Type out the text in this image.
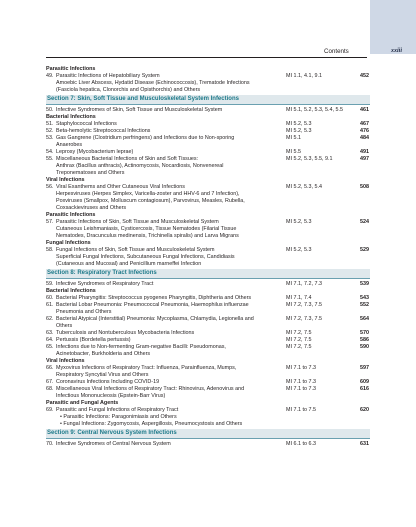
xxiii
Contents
Parasitic Infections
49. Parasitic Infections of Hepatobiliary System	MI 1.1, 4.1, 9.1	452
Amoebic Liver Abscess, Hydatid Disease (Echinococcosis), Trematode Infections
(Fasciola hepatica, Clonorchis and Opisthorchis) and Others
Section 7: Skin, Soft Tissue and Musculoskeletal System Infections
50. Infective Syndromes of Skin, Soft Tissue and Musculoskeletal System	MI 5.1, 5.2, 5.3, 5.4, 5.5	461
Bacterial Infections
51. Staphylococcal Infections	MI 5.2, 5.3	467
52. Beta-hemolytic Streptococcal Infections	MI 5.2, 5.3	476
53. Gas Gangrene (Clostridium perfringens) and Infections due to Non-sporing	MI 5.1	484
Anaerobes
54. Leprosy (Mycobacterium leprae)	MI 5.5	491
55. Miscellaneous Bacterial Infections of Skin and Soft Tissues:	MI 5.2, 5.3, 5.5, 9.1	497
Anthrax (Bacillus anthracis), Actinomycosis, Nocardiosis, Nonvenereal
Treponematoses and Others
Viral Infections
56. Viral Exanthems and Other Cutaneous Viral Infections	MI 5.2, 5.3, 5.4	508
Herpesviruses (Herpes Simplex, Varicella-zoster and HHV-6 and 7 Infection),
Poxviruses (Smallpox, Molluscum contagiosum), Parvovirus, Measles, Rubella,
Coxsackieviruses and Others
Parasitic Infections
57. Parasitic Infections of Skin, Soft Tissue and Musculoskeletal System	MI 5.2, 5.3	524
Cutaneous Leishmaniasis, Cysticercosis, Tissue Nematodes (Filarial Tissue
Nematodes, Dracunculus medinensis, Trichinella spiralis) and Larva Migrans
Fungal Infections
58. Fungal Infections of Skin, Soft Tissue and Musculoskeletal System	MI 5.2, 5.3	529
Superficial Fungal Infections, Subcutaneous Fungal Infections, Candidiasis
(Cutaneous and Mucosal) and Penicillium marneffei Infection
Section 8: Respiratory Tract Infections
59. Infective Syndromes of Respiratory Tract	MI 7.1, 7.2, 7.3	539
Bacterial Infections
60. Bacterial Pharyngitis: Streptococcus pyogenes Pharyngitis, Diphtheria and Others	MI 7.1, 7.4	543
61. Bacterial Lobar Pneumonia: Pneumococcal Pneumonia, Haemophilus influenzae	MI 7.2, 7.3, 7.5	552
Pneumonia and Others
62. Bacterial Atypical (Interstitial) Pneumonia: Mycoplasma, Chlamydia, Legionella and	MI 7.2, 7.3, 7.5	564
Others
63. Tuberculosis and Nontuberculous Mycobacteria Infections	MI 7.2, 7.5	570
64. Pertussis (Bordetella pertussis)	MI 7.2, 7.5	586
65. Infections due to Non-fermenting Gram-negative Bacilli: Pseudomonas,	MI 7.2, 7.5	590
Acinetobacter, Burkholderia and Others
Viral Infections
66. Myxovirus Infections of Respiratory Tract: Influenza, Parainfluenza, Mumps,	MI 7.1 to 7.3	597
Respiratory Syncytial Virus and Others
67. Coronavirus Infections Including COVID-19	MI 7.1 to 7.3	609
68. Miscellaneous Viral Infections of Respiratory Tract: Rhinovirus, Adenovirus and	MI 7.1 to 7.3	616
Infectious Mononucleosis (Epstein-Barr Virus)
Parasitic and Fungal Agents
69. Parasitic and Fungal Infections of Respiratory Tract	MI 7.1 to 7.5	620
• Parasitic Infections: Paragonimiasis and Others
• Fungal Infections: Zygomycosis, Aspergillosis, Pneumocystosis and Others
Section 9: Central Nervous System Infections
70. Infective Syndromes of Central Nervous System	MI 6.1 to 6.3	631
